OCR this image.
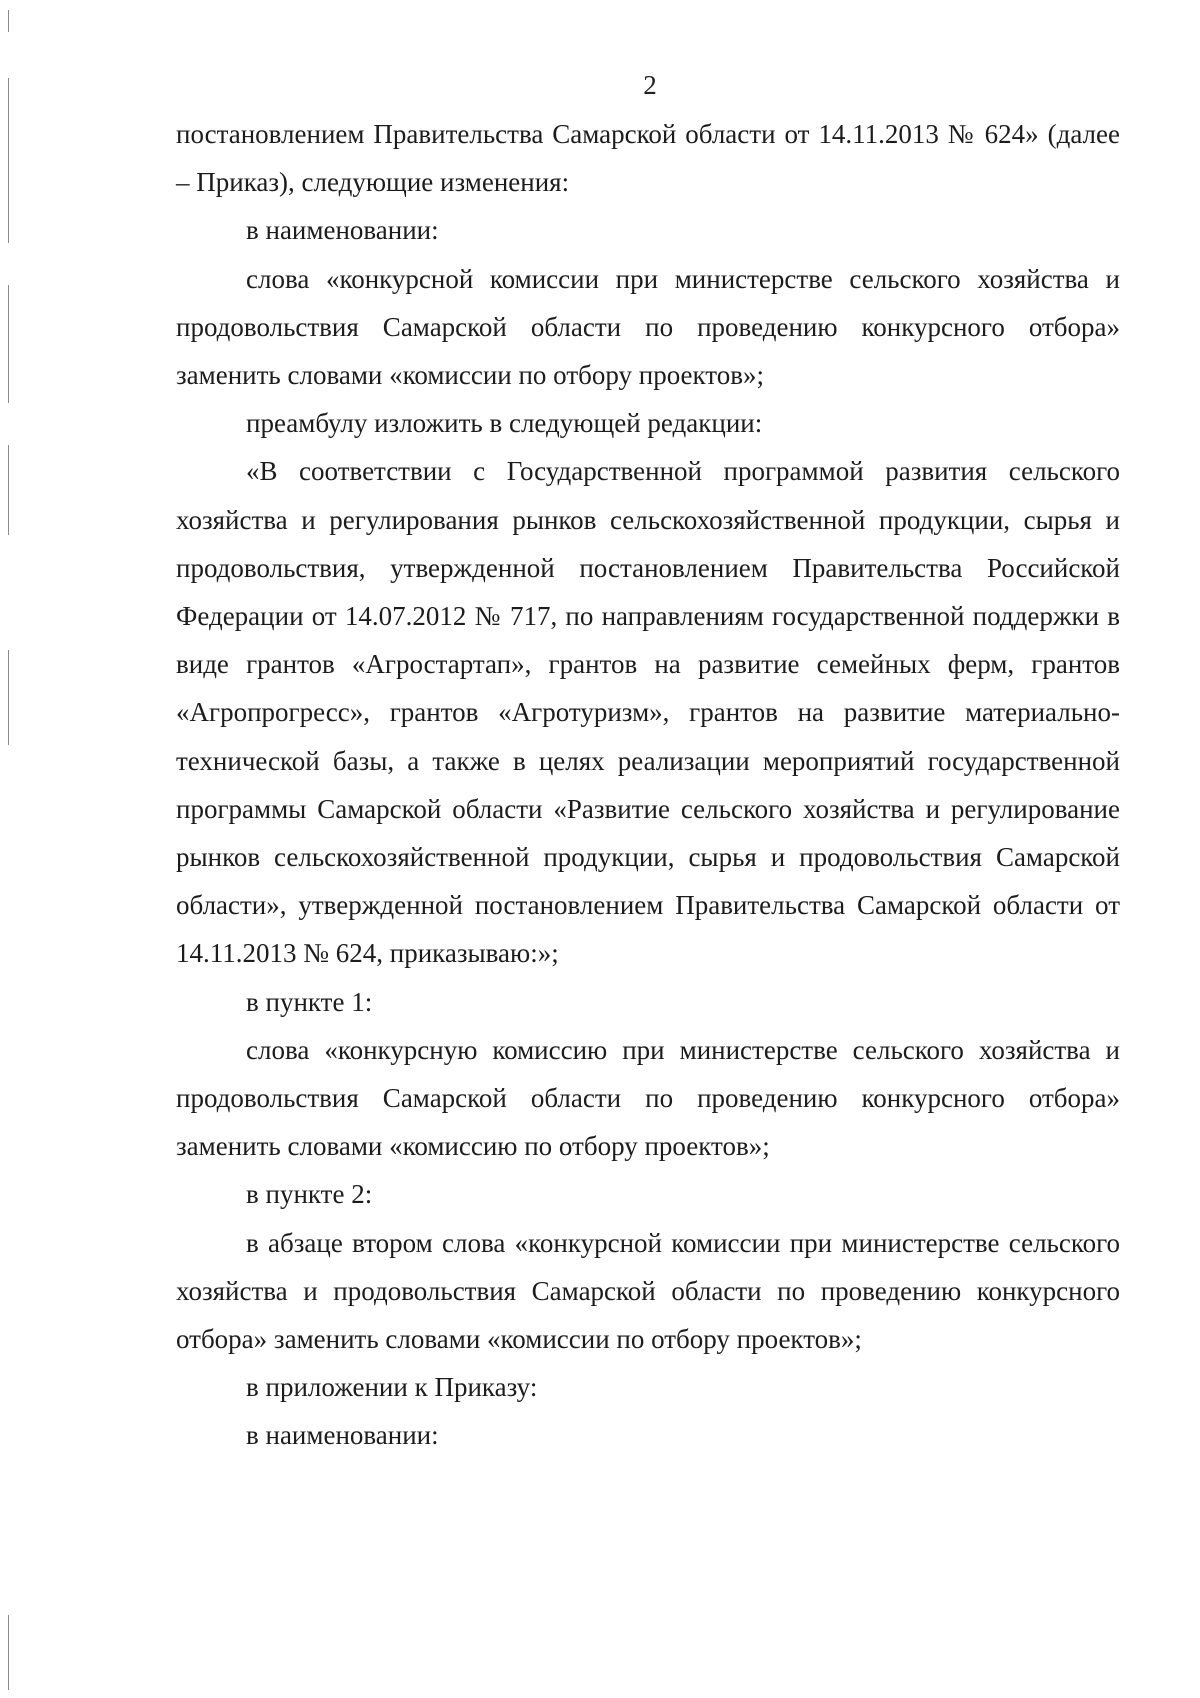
2

постановлением Правительства Самарской области от 14.11.2013 № 624» (далее – Приказ), следующие изменения:

в наименовании:

слова «конкурсной комиссии при министерстве сельского хозяйства и продовольствия Самарской области по проведению конкурсного отбора» заменить словами «комиссии по отбору проектов»;

преамбулу изложить в следующей редакции:

«В соответствии с Государственной программой развития сельского хозяйства и регулирования рынков сельскохозяйственной продукции, сырья и продовольствия, утвержденной постановлением Правительства Российской Федерации от 14.07.2012 № 717, по направлениям государственной поддержки в виде грантов «Агростартап», грантов на развитие семейных ферм, грантов «Агропрогресс», грантов «Агротуризм», грантов на развитие материально-технической базы, а также в целях реализации мероприятий государственной программы Самарской области «Развитие сельского хозяйства и регулирование рынков сельскохозяйственной продукции, сырья и продовольствия Самарской области», утвержденной постановлением Правительства Самарской области от 14.11.2013 № 624, приказываю:»;

в пункте 1:

слова «конкурсную комиссию при министерстве сельского хозяйства и продовольствия Самарской области по проведению конкурсного отбора» заменить словами «комиссию по отбору проектов»;

в пункте 2:

в абзаце втором слова «конкурсной комиссии при министерстве сельского хозяйства и продовольствия Самарской области по проведению конкурсного отбора» заменить словами «комиссии по отбору проектов»;

в приложении к Приказу:

в наименовании:
